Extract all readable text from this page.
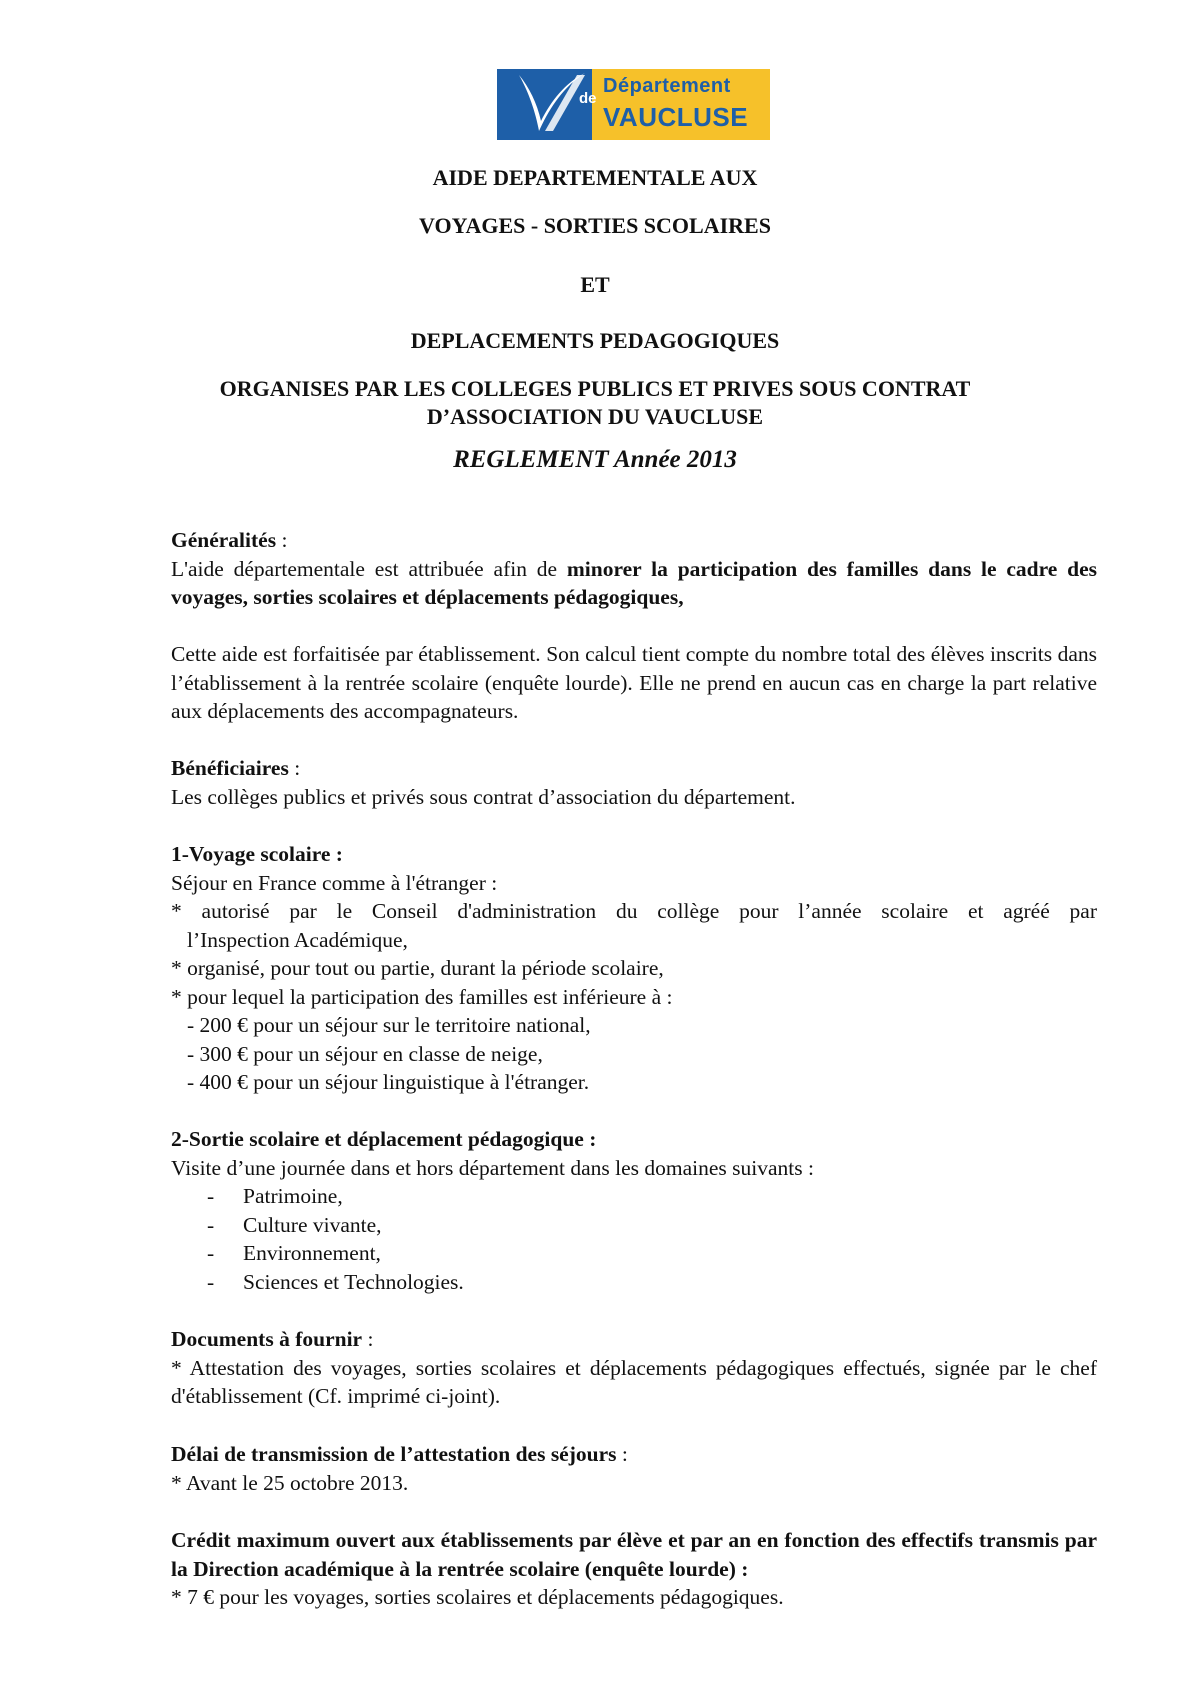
Département
de
VAUCLUSE

AIDE DEPARTEMENTALE AUX

VOYAGES - SORTIES SCOLAIRES

ET

DEPLACEMENTS PEDAGOGIQUES

ORGANISES PAR LES COLLEGES PUBLICS ET PRIVES SOUS CONTRAT

D’ASSOCIATION DU VAUCLUSE

REGLEMENT Année 2013

Généralités :

L'aide départementale est attribuée afin de minorer la participation des familles dans le cadre des voyages, sorties scolaires et déplacements pédagogiques,

Cette aide est forfaitisée par établissement. Son calcul tient compte du nombre total des élèves inscrits dans l’établissement à la rentrée scolaire (enquête lourde). Elle ne prend en aucun cas en charge la part relative aux déplacements des accompagnateurs.

Bénéficiaires :

Les collèges publics et privés sous contrat d’association du département.

1-Voyage scolaire :

Séjour en France comme à l'étranger :

* autorisé par le Conseil d'administration du collège pour l’année scolaire et agréé par

l’Inspection Académique,

* organisé, pour tout ou partie, durant la période scolaire,

* pour lequel la participation des familles est inférieure à :

- 200 € pour un séjour sur le territoire national,

- 300 € pour un séjour en classe de neige,

- 400 € pour un séjour linguistique à l'étranger.

2-Sortie scolaire et déplacement pédagogique :

Visite d’une journée dans et hors département dans les domaines suivants :

- Patrimoine,

- Culture vivante,

- Environnement,

- Sciences et Technologies.

Documents à fournir :

* Attestation des voyages, sorties scolaires et déplacements pédagogiques effectués, signée par le chef d'établissement (Cf. imprimé ci-joint).

Délai de transmission de l’attestation des séjours :

* Avant le 25 octobre 2013.

Crédit maximum ouvert aux établissements par élève et par an en fonction des effectifs transmis par la Direction académique à la rentrée scolaire (enquête lourde) :

* 7 € pour les voyages, sorties scolaires et déplacements pédagogiques.
